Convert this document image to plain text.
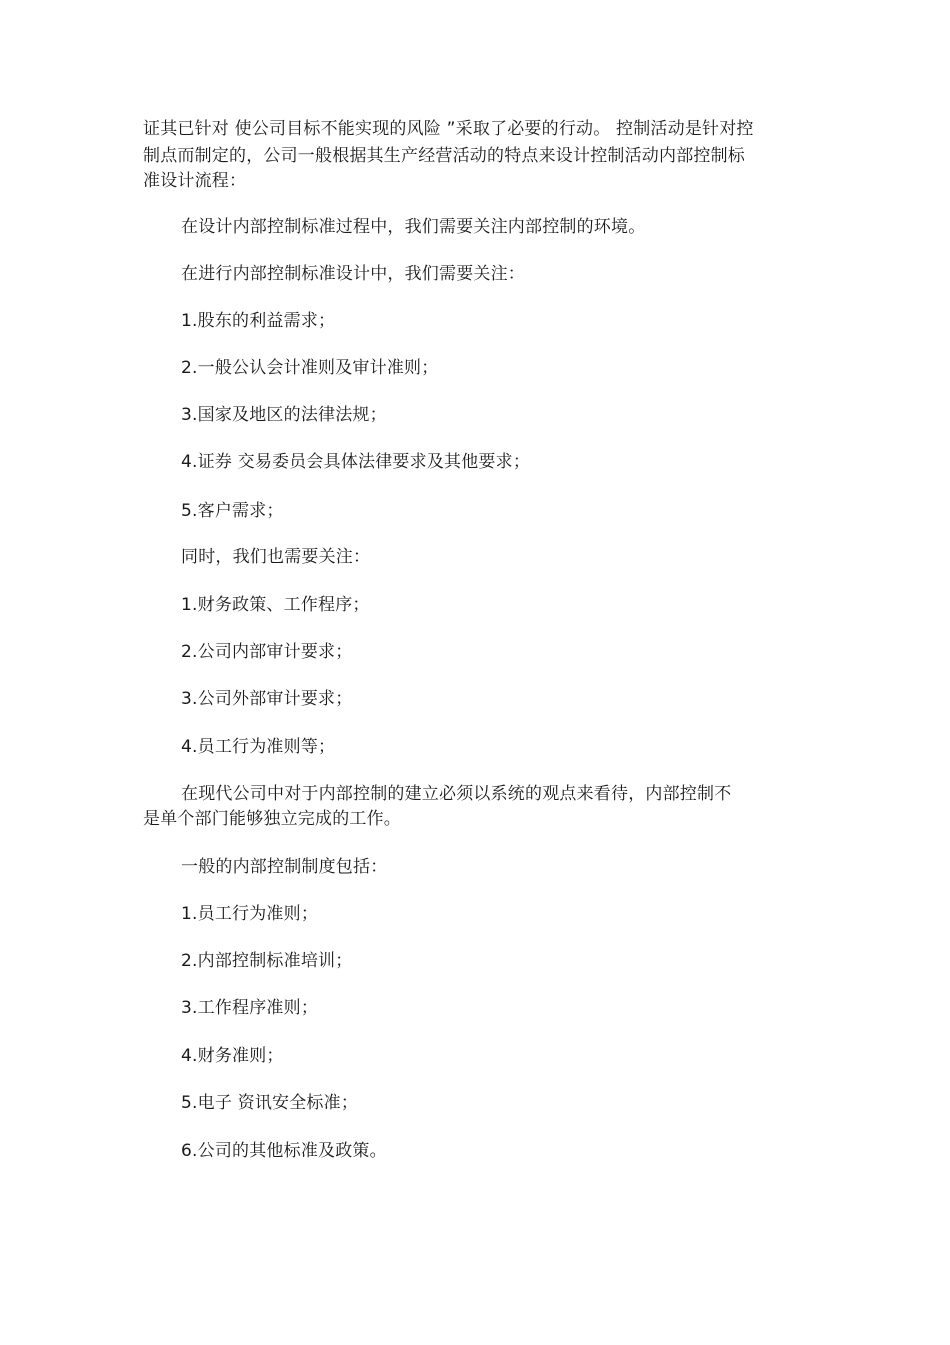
证其已针对 使公司目标不能实现的风险 ”采取了必要的行动。 控制活动是针对控
制点而制定的，公司一般根据其生产经营活动的特点来设计控制活动内部控制标
准设计流程：
在设计内部控制标准过程中，我们需要关注内部控制的环境。
在进行内部控制标准设计中，我们需要关注：
1.股东的利益需求；
2.一般公认会计准则及审计准则；
3.国家及地区的法律法规；
4.证券 交易委员会具体法律要求及其他要求；
5.客户需求；
同时，我们也需要关注：
1.财务政策、工作程序；
2.公司内部审计要求；
3.公司外部审计要求；
4.员工行为准则等；
在现代公司中对于内部控制的建立必须以系统的观点来看待，内部控制不
是单个部门能够独立完成的工作。
一般的内部控制制度包括：
1.员工行为准则；
2.内部控制标准培训；
3.工作程序准则；
4.财务准则；
5.电子 资讯安全标准；
6.公司的其他标准及政策。
